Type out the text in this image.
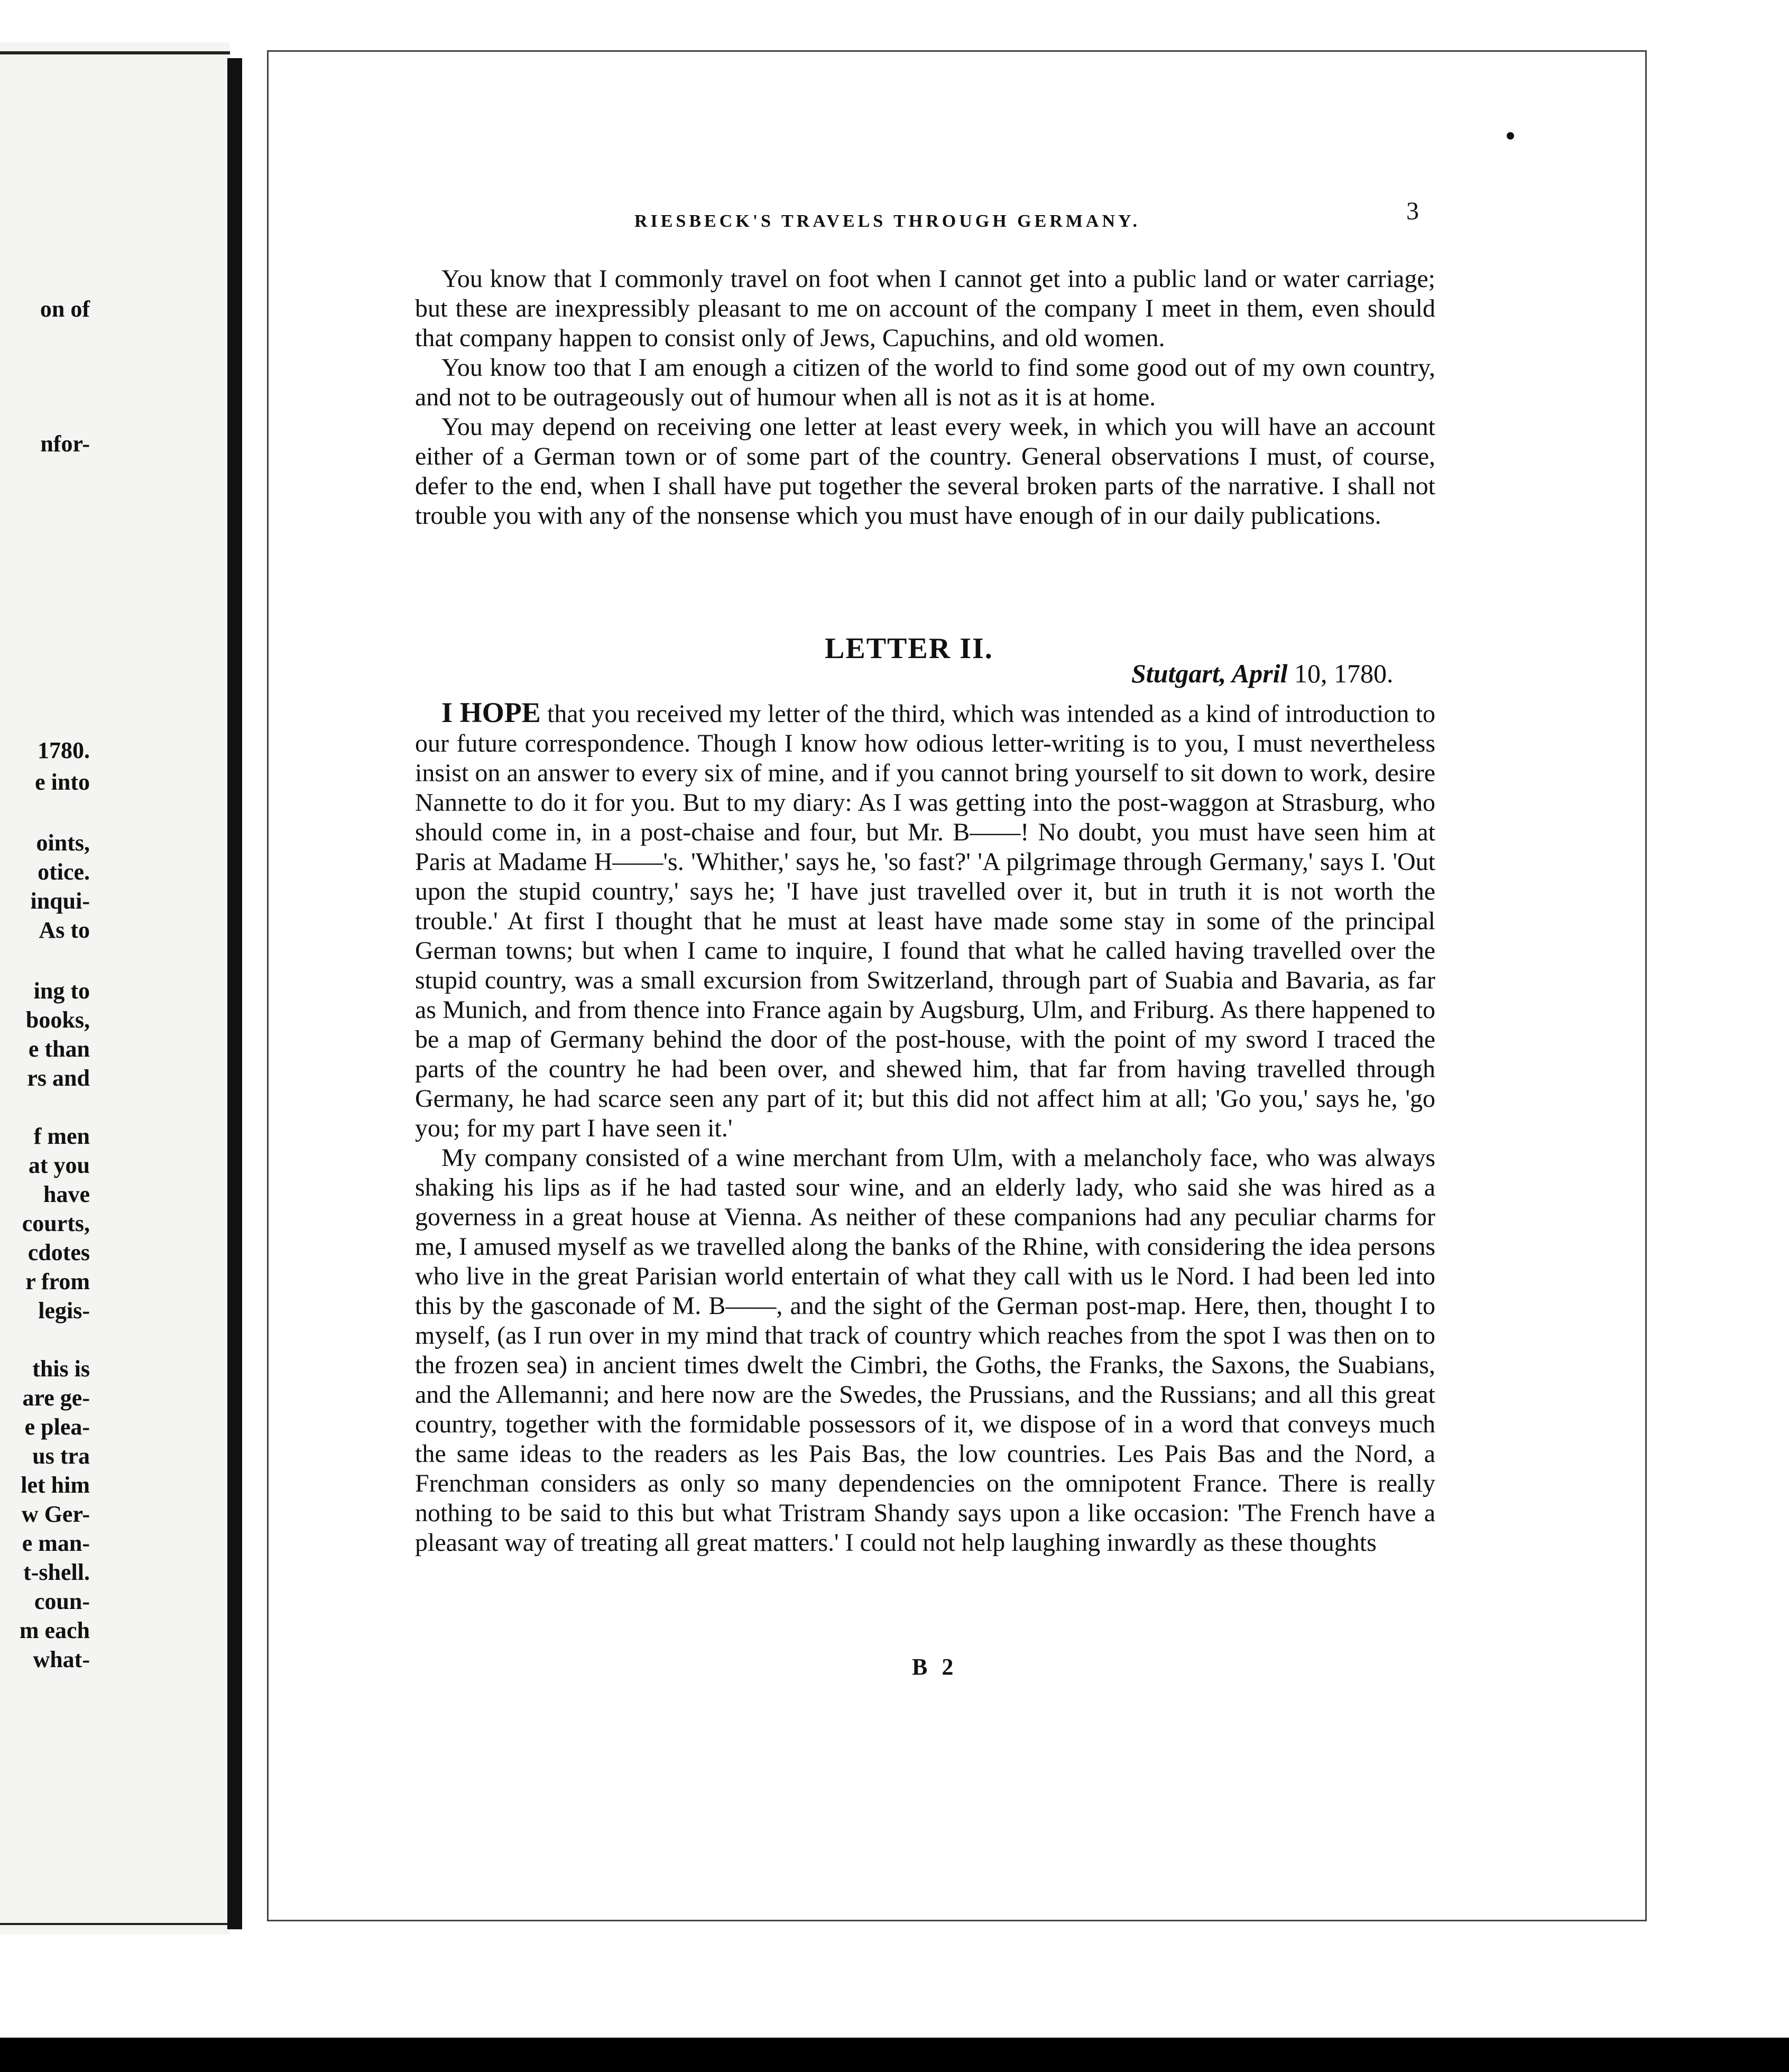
on of
nfor-
1780.
e into
oints,
otice.
inqui-
As to
ing to
books,
e than
rs and
f men
at you
have
courts,
cdotes
r from
legis-
this is
are ge-
e plea-
us tra
let him
w Ger-
e man-
t-shell.
coun-
m each
what-
RIESBECK'S TRAVELS THROUGH GERMANY.	3

You know that I commonly travel on foot when I cannot get into a public land or water carriage; but these are inexpressibly pleasant to me on account of the company I meet in them, even should that company happen to consist only of Jews, Capuchins, and old women.

You know too that I am enough a citizen of the world to find some good out of my own country, and not to be outrageously out of humour when all is not as it is at home.

You may depend on receiving one letter at least every week, in which you will have an account either of a German town or of some part of the country. General observations I must, of course, defer to the end, when I shall have put together the several broken parts of the narrative. I shall not trouble you with any of the nonsense which you must have enough of in our daily publications.

LETTER II.
Stutgart, April 10, 1780.

I HOPE that you received my letter of the third, which was intended as a kind of introduction to our future correspondence. Though I know how odious letter-writing is to you, I must nevertheless insist on an answer to every six of mine, and if you cannot bring yourself to sit down to work, desire Nannette to do it for you. But to my diary: As I was getting into the post-waggon at Strasburg, who should come in, in a post-chaise and four, but Mr. B——! No doubt, you must have seen him at Paris at Madame H——'s. 'Whither,' says he, 'so fast?' 'A pilgrimage through Germany,' says I. 'Out upon the stupid country,' says he; 'I have just travelled over it, but in truth it is not worth the trouble.' At first I thought that he must at least have made some stay in some of the principal German towns; but when I came to inquire, I found that what he called having travelled over the stupid country, was a small excursion from Switzerland, through part of Suabia and Bavaria, as far as Munich, and from thence into France again by Augsburg, Ulm, and Friburg. As there happened to be a map of Germany behind the door of the post-house, with the point of my sword I traced the parts of the country he had been over, and shewed him, that far from having travelled through Germany, he had scarce seen any part of it; but this did not affect him at all; 'Go you,' says he, 'go you; for my part I have seen it.'

My company consisted of a wine merchant from Ulm, with a melancholy face, who was always shaking his lips as if he had tasted sour wine, and an elderly lady, who said she was hired as a governess in a great house at Vienna. As neither of these companions had any peculiar charms for me, I amused myself as we travelled along the banks of the Rhine, with considering the idea persons who live in the great Parisian world entertain of what they call with us le Nord. I had been led into this by the gasconade of M. B——, and the sight of the German post-map. Here, then, thought I to myself, (as I run over in my mind that track of country which reaches from the spot I was then on to the frozen sea) in ancient times dwelt the Cimbri, the Goths, the Franks, the Saxons, the Suabians, and the Allemanni; and here now are the Swedes, the Prussians, and the Russians; and all this great country, together with the formidable possessors of it, we dispose of in a word that conveys much the same ideas to the readers as les Pais Bas, the low countries. Les Pais Bas and the Nord, a Frenchman considers as only so many dependencies on the omnipotent France. There is really nothing to be said to this but what Tristram Shandy says upon a like occasion: 'The French have a pleasant way of treating all great matters.' I could not help laughing inwardly as these thoughts

B 2
